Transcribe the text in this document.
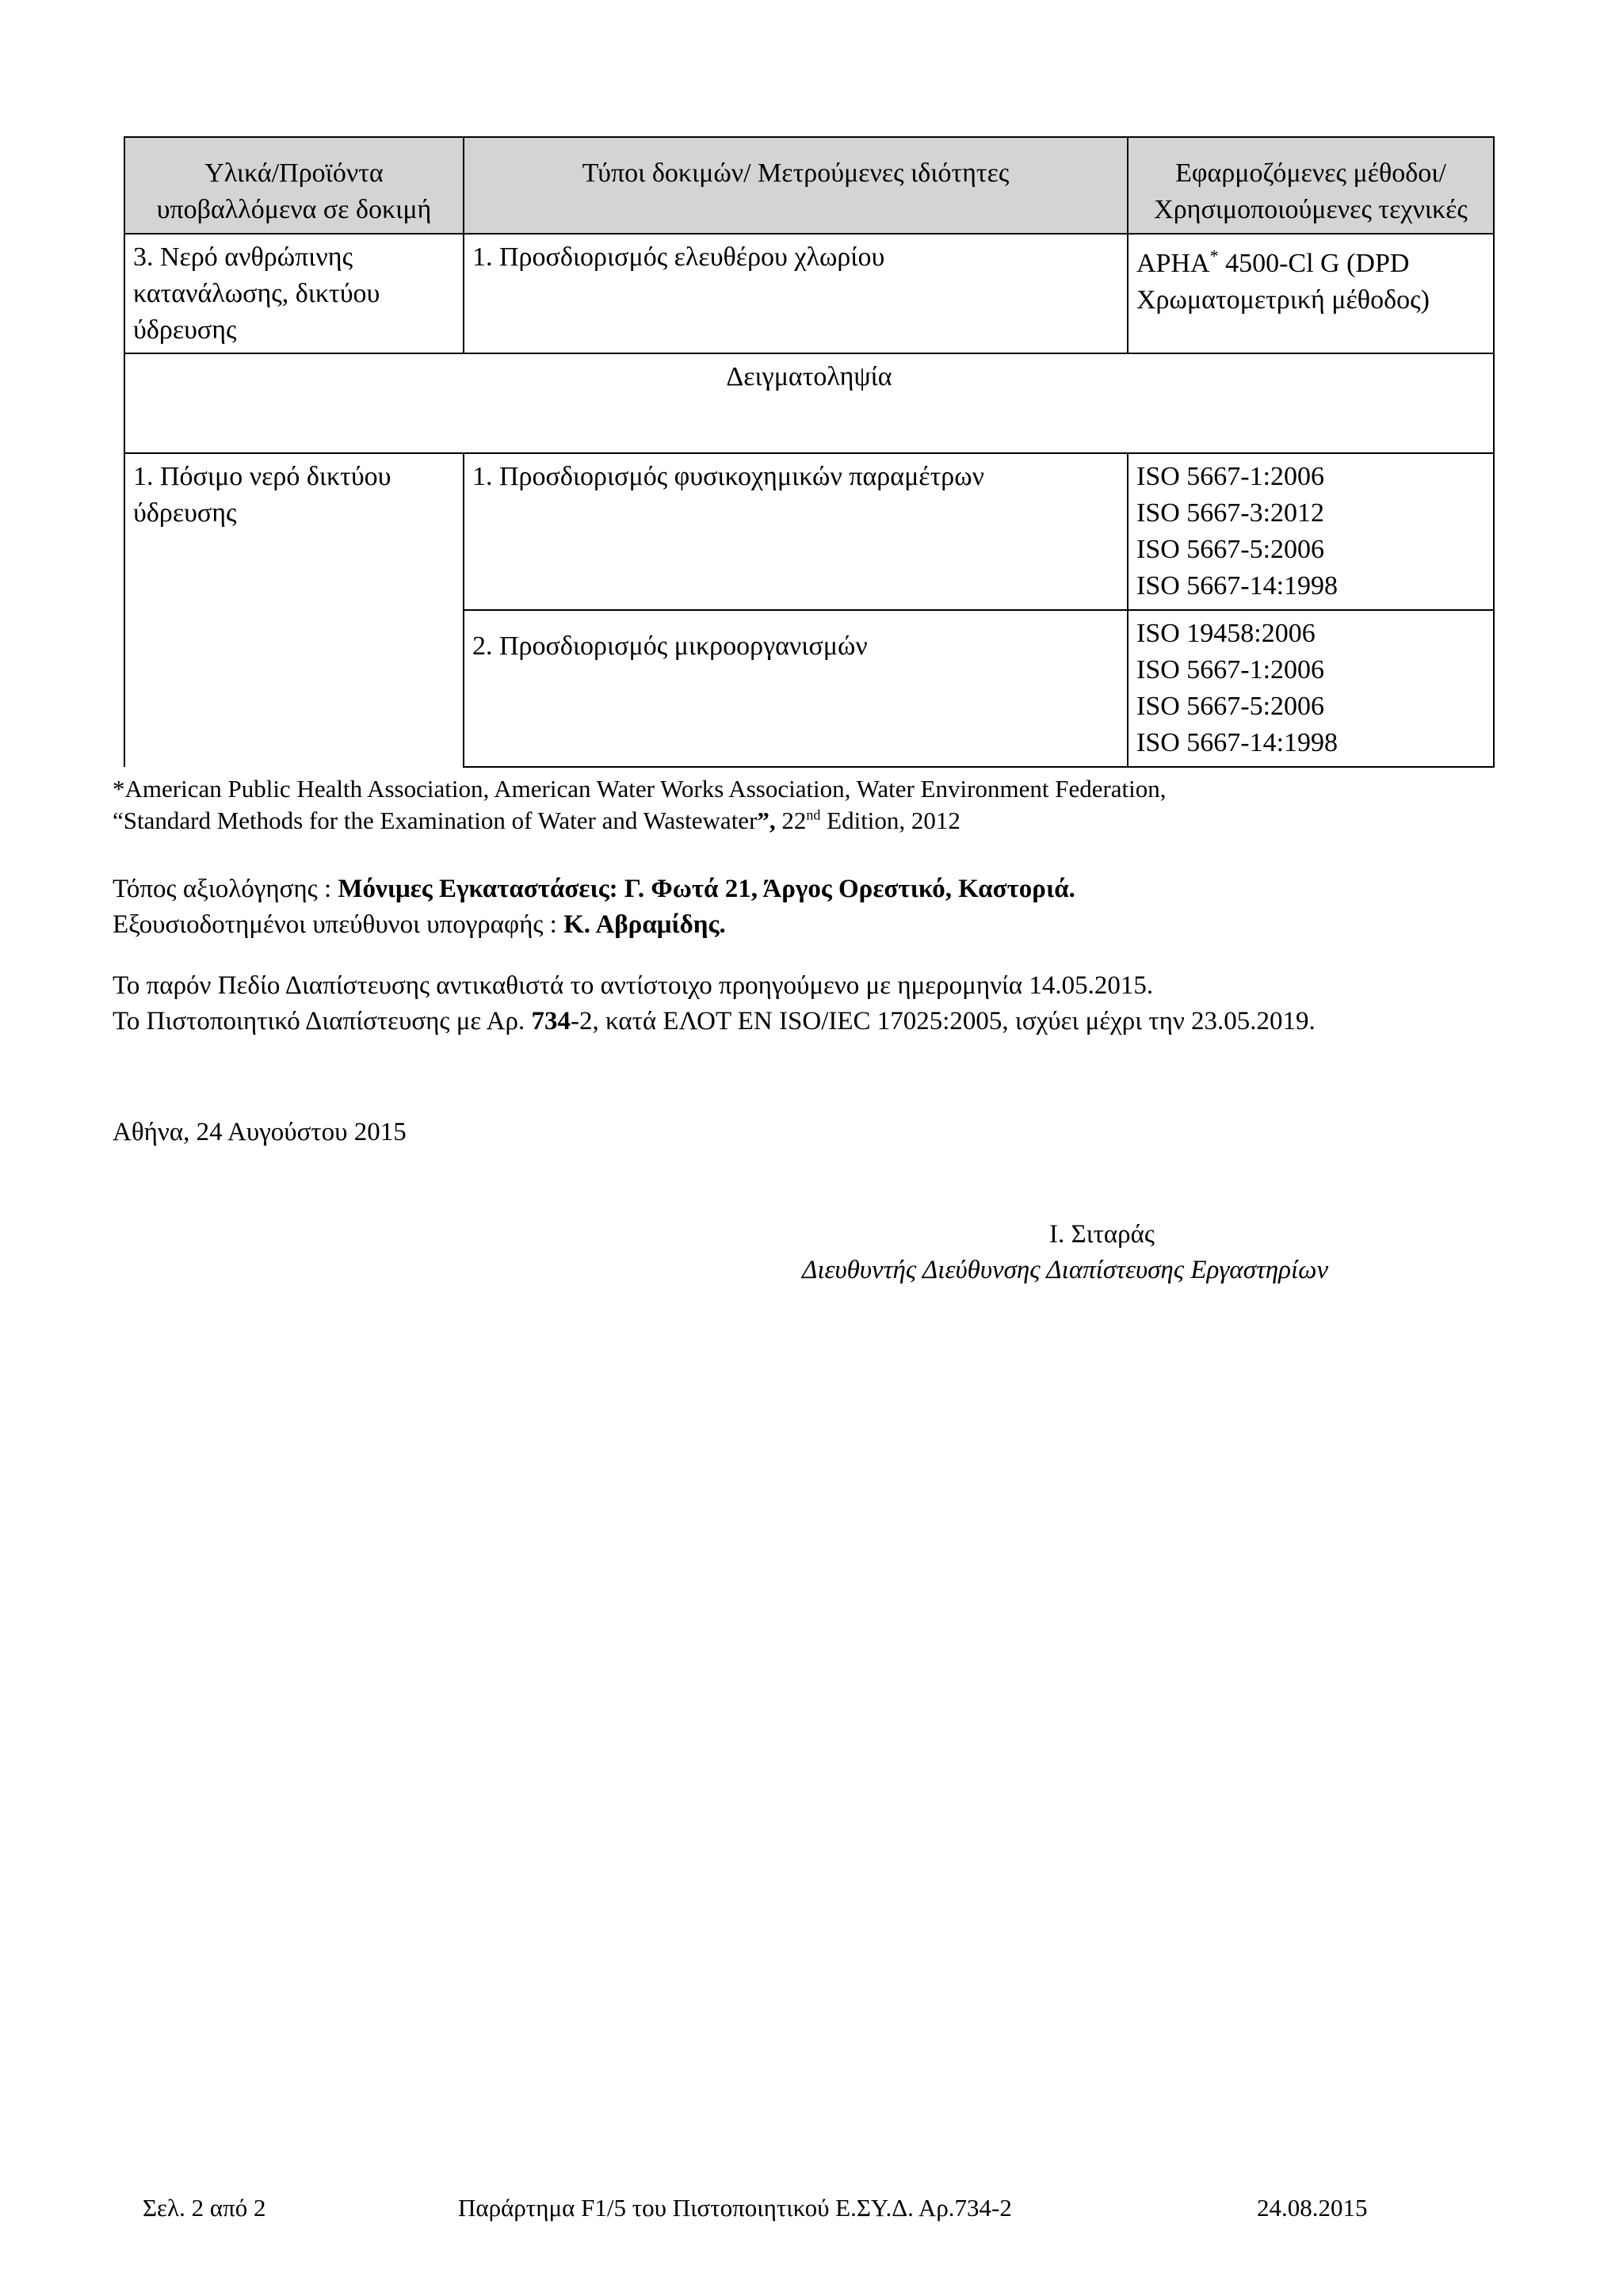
Υλικά/Προϊόντα υποβαλλόμενα σε δοκιμή	Τύποι δοκιμών/ Μετρούμενες ιδιότητες	Εφαρμοζόμενες μέθοδοι/ Χρησιμοποιούμενες τεχνικές
3. Νερό ανθρώπινης κατανάλωσης, δικτύου ύδρευσης	1. Προσδιορισμός ελευθέρου χλωρίου	APHA* 4500-Cl G (DPD Χρωματομετρική μέθοδος)
Δειγματοληψία		
1. Πόσιμο νερό δικτύου ύδρευσης	1. Προσδιορισμός φυσικοχημικών παραμέτρων	ISO 5667-1:2006
ISO 5667-3:2012
ISO 5667-5:2006
ISO 5667-14:1998

	2. Προσδιορισμός μικροοργανισμών	ISO 19458:2006
ISO 5667-1:2006
ISO 5667-5:2006
ISO 5667-14:1998
*American Public Health Association, American Water Works Association, Water Environment Federation,
“Standard Methods for the Examination of Water and Wastewater”, 22nd Edition, 2012
Τόπος αξιολόγησης : Μόνιμες Εγκαταστάσεις: Γ. Φωτά 21, Άργος Ορεστικό, Καστοριά.
Εξουσιοδοτημένοι υπεύθυνοι υπογραφής : Κ. Αβραμίδης.
Το παρόν Πεδίο Διαπίστευσης αντικαθιστά το αντίστοιχο προηγούμενο με ημερομηνία 14.05.2015.
Το Πιστοποιητικό Διαπίστευσης με Αρ. 734-2, κατά ΕΛΟΤ ΕΝ ISO/IEC 17025:2005, ισχύει μέχρι την 23.05.2019.
Αθήνα, 24 Αυγούστου 2015
Ι. Σιταράς
Διευθυντής Διεύθυνσης Διαπίστευσης Εργαστηρίων
Σελ. 2 από 2	Παράρτημα F1/5 του Πιστοποιητικού Ε.ΣΥ.Δ. Αρ.734-2	24.08.2015
